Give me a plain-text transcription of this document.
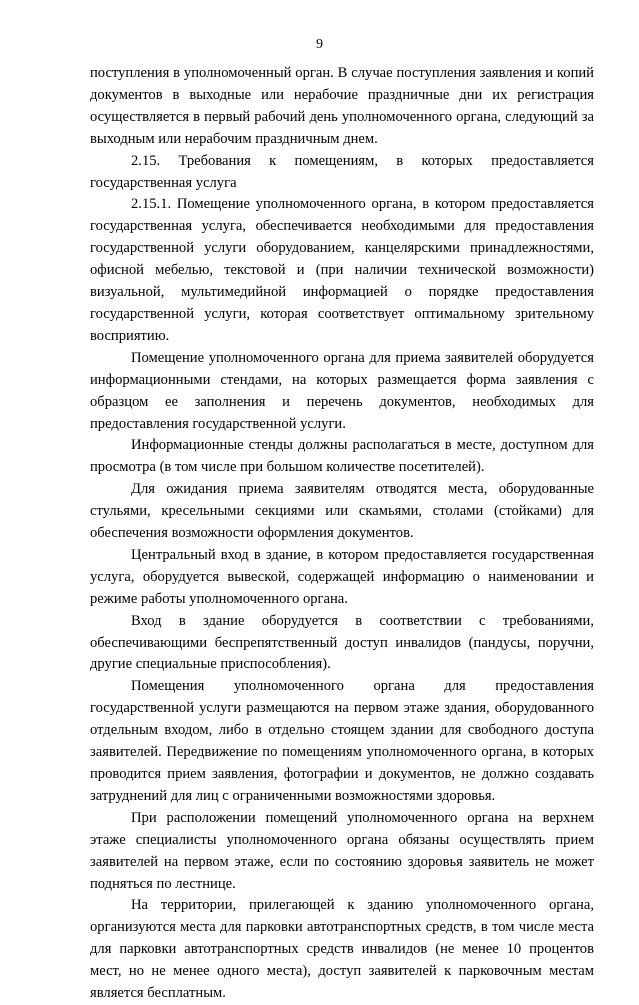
9

поступления в уполномоченный орган. В случае поступления заявления и копий документов в выходные или нерабочие праздничные дни их регистрация осуществляется в первый рабочий день уполномоченного органа, следующий за выходным или нерабочим праздничным днем.

2.15. Требования к помещениям, в которых предоставляется государственная услуга

2.15.1. Помещение уполномоченного органа, в котором предоставляется государственная услуга, обеспечивается необходимыми для предоставления государственной услуги оборудованием, канцелярскими принадлежностями, офисной мебелью, текстовой и (при наличии технической возможности) визуальной, мультимедийной информацией о порядке предоставления государственной услуги, которая соответствует оптимальному зрительному восприятию.

Помещение уполномоченного органа для приема заявителей оборудуется информационными стендами, на которых размещается форма заявления с образцом ее заполнения и перечень документов, необходимых для предоставления государственной услуги.

Информационные стенды должны располагаться в месте, доступном для просмотра (в том числе при большом количестве посетителей).

Для ожидания приема заявителям отводятся места, оборудованные стульями, кресельными секциями или скамьями, столами (стойками) для обеспечения возможности оформления документов.

Центральный вход в здание, в котором предоставляется государственная услуга, оборудуется вывеской, содержащей информацию о наименовании и режиме работы уполномоченного органа.

Вход в здание оборудуется в соответствии с требованиями, обеспечивающими беспрепятственный доступ инвалидов (пандусы, поручни, другие специальные приспособления).

Помещения уполномоченного органа для предоставления государственной услуги размещаются на первом этаже здания, оборудованного отдельным входом, либо в отдельно стоящем здании для свободного доступа заявителей. Передвижение по помещениям уполномоченного органа, в которых проводится прием заявления, фотографии и документов, не должно создавать затруднений для лиц с ограниченными возможностями здоровья.

При расположении помещений уполномоченного органа на верхнем этаже специалисты уполномоченного органа обязаны осуществлять прием заявителей на первом этаже, если по состоянию здоровья заявитель не может подняться по лестнице.

На территории, прилегающей к зданию уполномоченного органа, организуются места для парковки автотранспортных средств, в том числе места для парковки автотранспортных средств инвалидов (не менее 10 процентов мест, но не менее одного места), доступ заявителей к парковочным местам является бесплатным.
